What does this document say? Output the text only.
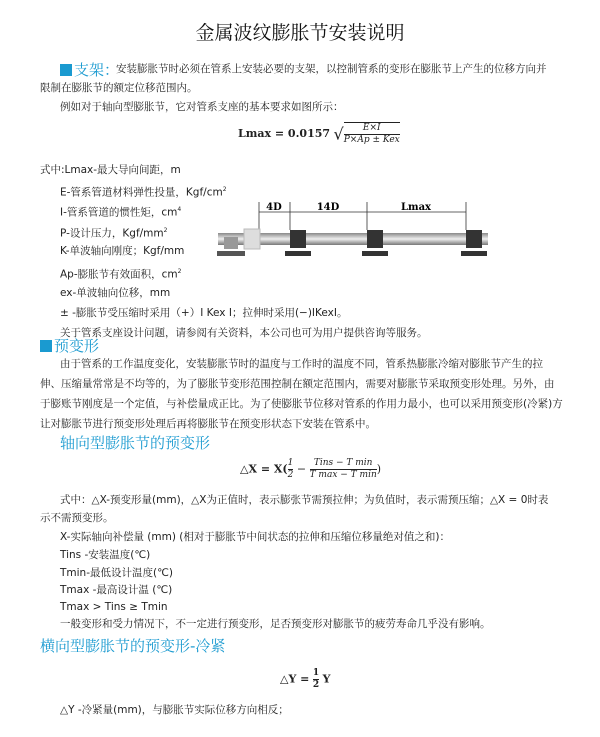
金属波纹膨胀节安装说明
支架：
安装膨胀节时必须在管系上安装必要的支架，以控制管系的变形在膨胀节上产生的位移方向并
限制在膨胀节的额定位移范围内。
例如对于轴向型膨胀节，它对管系支座的基本要求如图所示：
Lmax = 0.0157 √ $\frac{E\times I}{\text{P×Ap ± Kex}}$
式中:Lmax-最大导向间距，m
E-管系管道材料弹性投量，Kgf/$cm^2$
I-管系管道的惯性矩，$cm^4$
P-设计压力，Kgf/$mm^2$
K-单波轴向刚度；Kgf/mm
Ap-膨胀节有效面积，$cm^2$
ex-单波轴向位移，mm
± -膨胀节受压缩时采用（+）I Kex I；拉伸时采用(−)IKexI。
关于管系支座设计问题，请参阅有关资料，本公司也可为用户提供咨询等服务。
4D	14D	Lmax
预变形
由于管系的工作温度变化，安装膨胀节时的温度与工作时的温度不同，管系热膨胀冷缩对膨胀节产生的拉
伸、压缩量常常是不均等的，为了膨胀节变形范围控制在额定范围内，需要对膨胀节采取预变形处理。另外，由
于膨账节刚度是一个定值，与补偿量成正比。为了使膨胀节位移对管系的作用力最小，也可以采用预变形(冷紧)方
让对膨胀节进行预变形处理后再将膨胀节在预变形状态下安装在管系中。
轴向型膨胀节的预变形
△X = $X( \frac{1}{2} - \frac{\text{Tins − T min}}{\text{T max − T min}}$ )
式中：△X-预变形量(mm)，△X为正值时，表示膨张节需预拉伸；为负值时，表示需预压缩；△X = 0时表
示不需预变形。
X-实际轴向补偿量 (mm) (相对于膨胀节中间状态的拉伸和压缩位移量绝对值之和)：
Tins -安装温度(℃)
Tmin-最低设计温度(℃)
Tmax -最高设计温 (℃)
Tmax > Tins ≥ Tmin
一般变形和受力情况下，不一定进行预变形，足否预变形对膨胀节的疲劳寿命几乎没有影响。
横向型膨胀节的预变形-冷紧
△Y = $\frac{1}{2}$ Y
△Y -冷紧量(mm)，与膨胀节实际位移方向相反；
